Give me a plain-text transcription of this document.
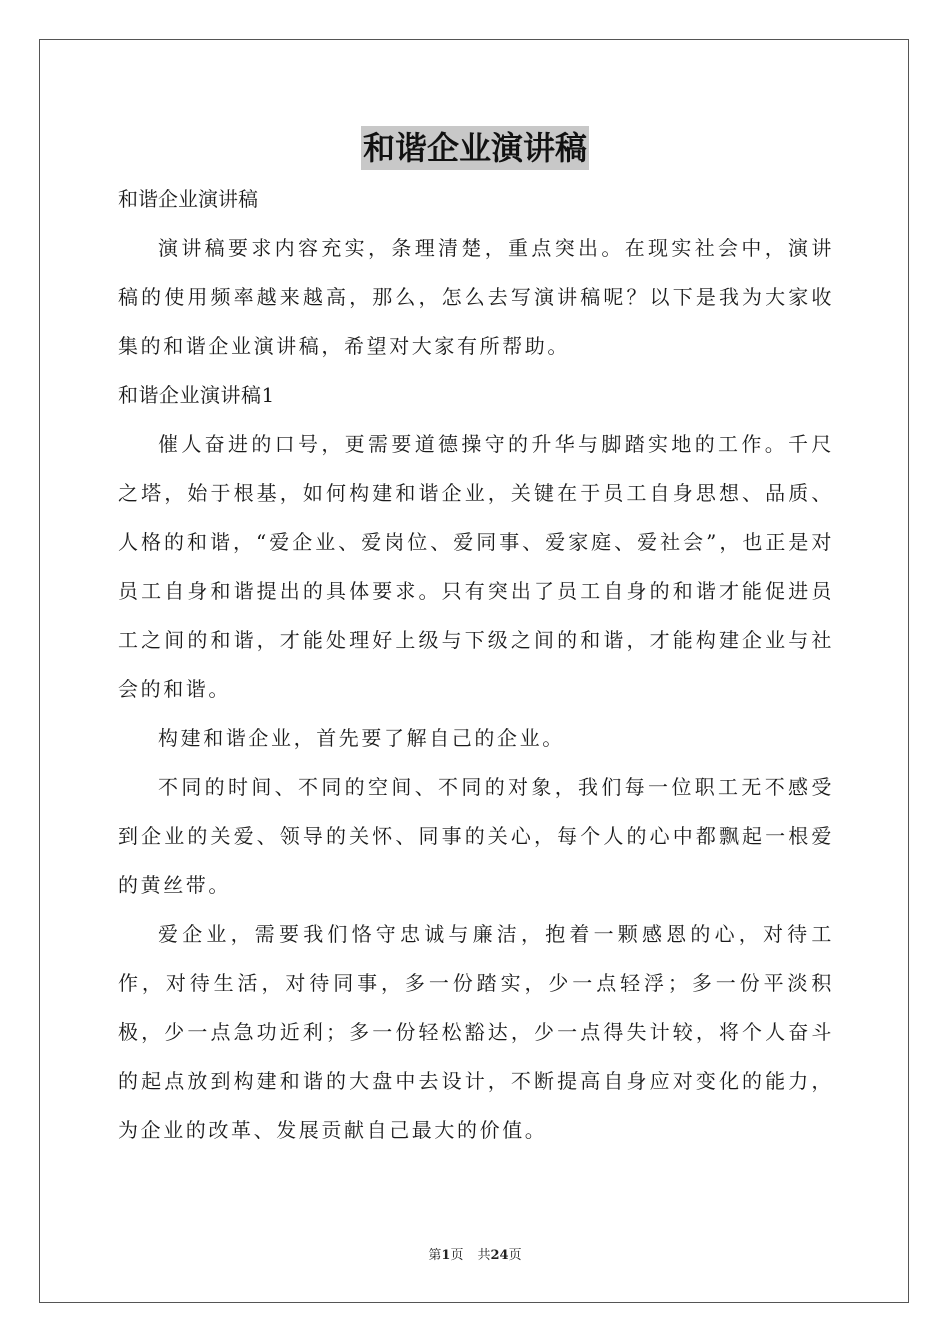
和谐企业演讲稿

和谐企业演讲稿

演讲稿要求内容充实，条理清楚，重点突出。在现实社会中，演讲稿的使用频率越来越高，那么，怎么去写演讲稿呢？以下是我为大家收集的和谐企业演讲稿，希望对大家有所帮助。

和谐企业演讲稿1

催人奋进的口号，更需要道德操守的升华与脚踏实地的工作。千尺之塔，始于根基，如何构建和谐企业，关键在于员工自身思想、品质、人格的和谐，“爱企业、爱岗位、爱同事、爱家庭、爱社会”，也正是对员工自身和谐提出的具体要求。只有突出了员工自身的和谐才能促进员工之间的和谐，才能处理好上级与下级之间的和谐，才能构建企业与社会的和谐。

构建和谐企业，首先要了解自己的企业。

不同的时间、不同的空间、不同的对象，我们每一位职工无不感受到企业的关爱、领导的关怀、同事的关心，每个人的心中都飘起一根爱的黄丝带。

爱企业，需要我们恪守忠诚与廉洁，抱着一颗感恩的心，对待工作，对待生活，对待同事，多一份踏实，少一点轻浮；多一份平淡积极，少一点急功近利；多一份轻松豁达，少一点得失计较，将个人奋斗的起点放到构建和谐的大盘中去设计，不断提高自身应对变化的能力，为企业的改革、发展贡献自己最大的价值。

第1页 共24页
